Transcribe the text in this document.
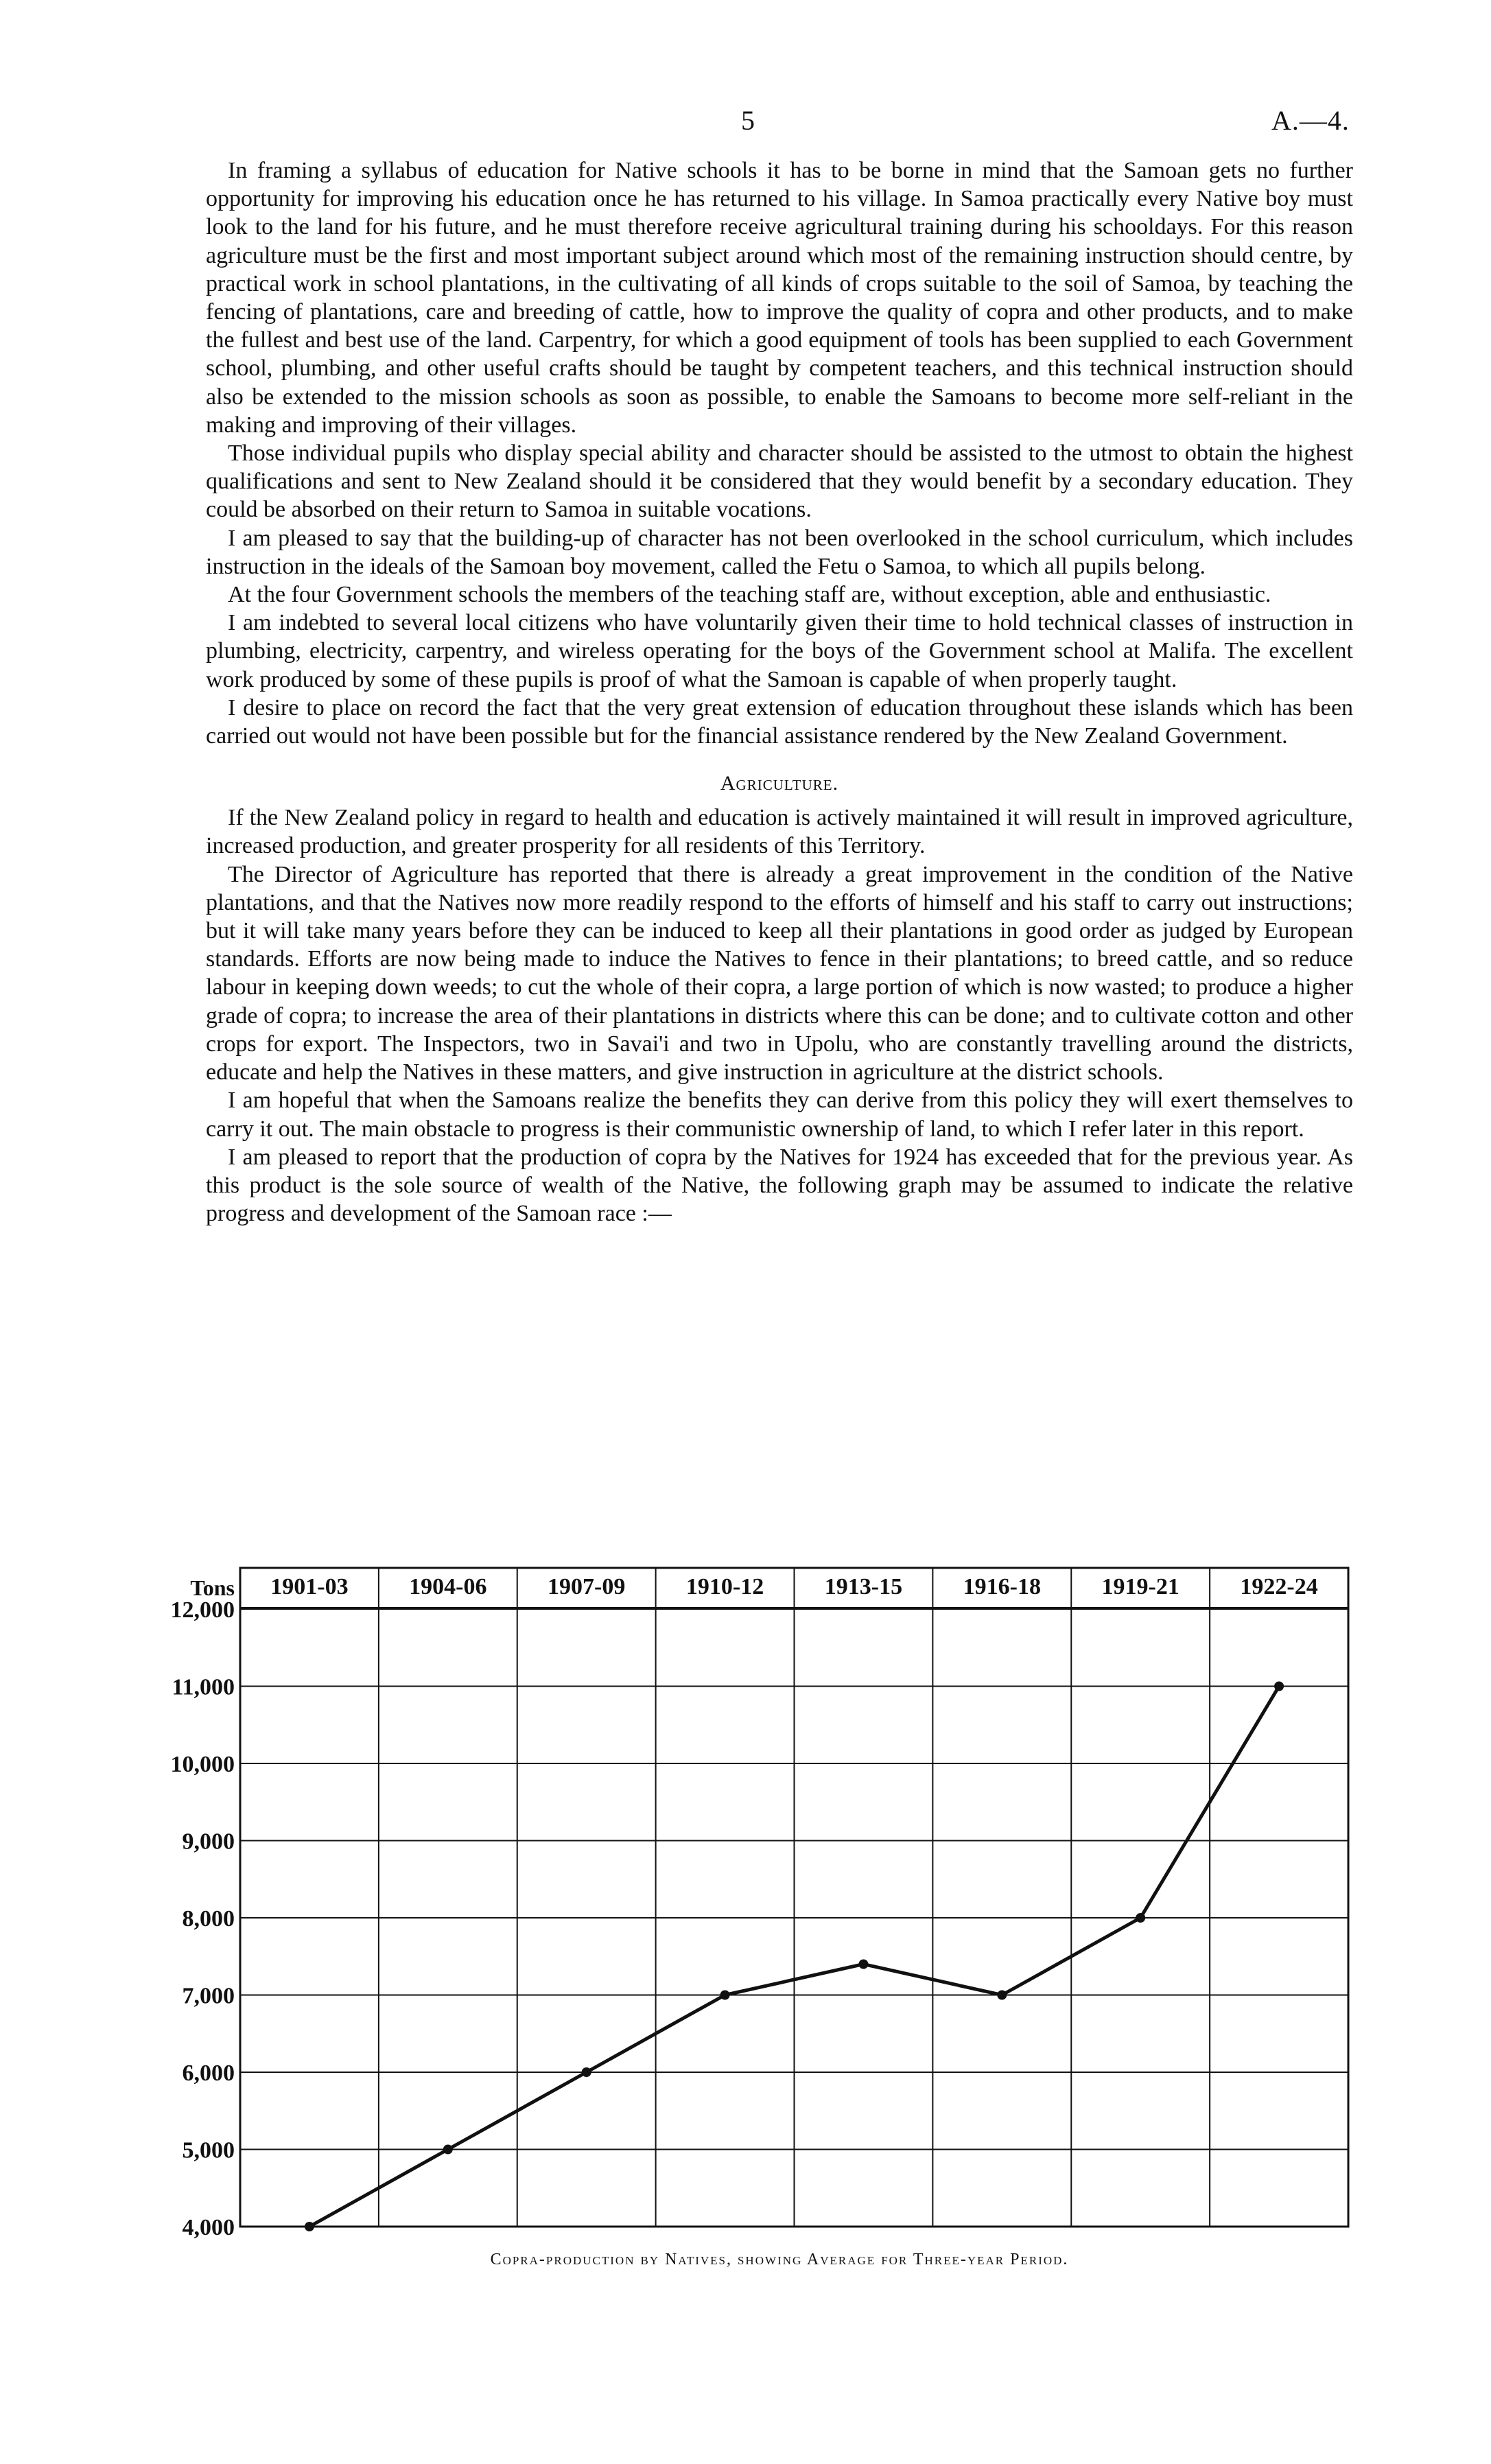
5	A.—4.

In framing a syllabus of education for Native schools it has to be borne in mind that the Samoan gets no further opportunity for improving his education once he has returned to his village. In Samoa practically every Native boy must look to the land for his future, and he must therefore receive agricultural training during his schooldays. For this reason agriculture must be the first and most important subject around which most of the remaining instruction should centre, by practical work in school plantations, in the cultivating of all kinds of crops suitable to the soil of Samoa, by teaching the fencing of plantations, care and breeding of cattle, how to improve the quality of copra and other products, and to make the fullest and best use of the land. Carpentry, for which a good equipment of tools has been supplied to each Government school, plumbing, and other useful crafts should be taught by competent teachers, and this technical instruction should also be extended to the mission schools as soon as possible, to enable the Samoans to become more self-reliant in the making and improving of their villages.

Those individual pupils who display special ability and character should be assisted to the utmost to obtain the highest qualifications and sent to New Zealand should it be considered that they would benefit by a secondary education. They could be absorbed on their return to Samoa in suitable vocations.

I am pleased to say that the building-up of character has not been overlooked in the school curriculum, which includes instruction in the ideals of the Samoan boy movement, called the Fetu o Samoa, to which all pupils belong.

At the four Government schools the members of the teaching staff are, without exception, able and enthusiastic.

I am indebted to several local citizens who have voluntarily given their time to hold technical classes of instruction in plumbing, electricity, carpentry, and wireless operating for the boys of the Government school at Malifa. The excellent work produced by some of these pupils is proof of what the Samoan is capable of when properly taught.

I desire to place on record the fact that the very great extension of education throughout these islands which has been carried out would not have been possible but for the financial assistance rendered by the New Zealand Government.

Agriculture.

If the New Zealand policy in regard to health and education is actively maintained it will result in improved agriculture, increased production, and greater prosperity for all residents of this Territory.

The Director of Agriculture has reported that there is already a great improvement in the condition of the Native plantations, and that the Natives now more readily respond to the efforts of himself and his staff to carry out instructions; but it will take many years before they can be induced to keep all their plantations in good order as judged by European standards. Efforts are now being made to induce the Natives to fence in their plantations; to breed cattle, and so reduce labour in keeping down weeds; to cut the whole of their copra, a large portion of which is now wasted; to produce a higher grade of copra; to increase the area of their plantations in districts where this can be done; and to cultivate cotton and other crops for export. The Inspectors, two in Savai'i and two in Upolu, who are constantly travelling around the districts, educate and help the Natives in these matters, and give instruction in agriculture at the district schools.

I am hopeful that when the Samoans realize the benefits they can derive from this policy they will exert themselves to carry it out. The main obstacle to progress is their communistic ownership of land, to which I refer later in this report.

I am pleased to report that the production of copra by the Natives for 1924 has exceeded that for the previous year. As this product is the sole source of wealth of the Native, the following graph may be assumed to indicate the relative progress and development of the Samoan race :—

12,000
11,000
10,000
9,000
8,000
7,000
6,000
5,000
4,000
Tons 1901-03	1904-06	1907-09	1910-12	1913-15	1916-18	1919-21	1922-24
Copra-production by Natives, showing Average for Three-year Period.
